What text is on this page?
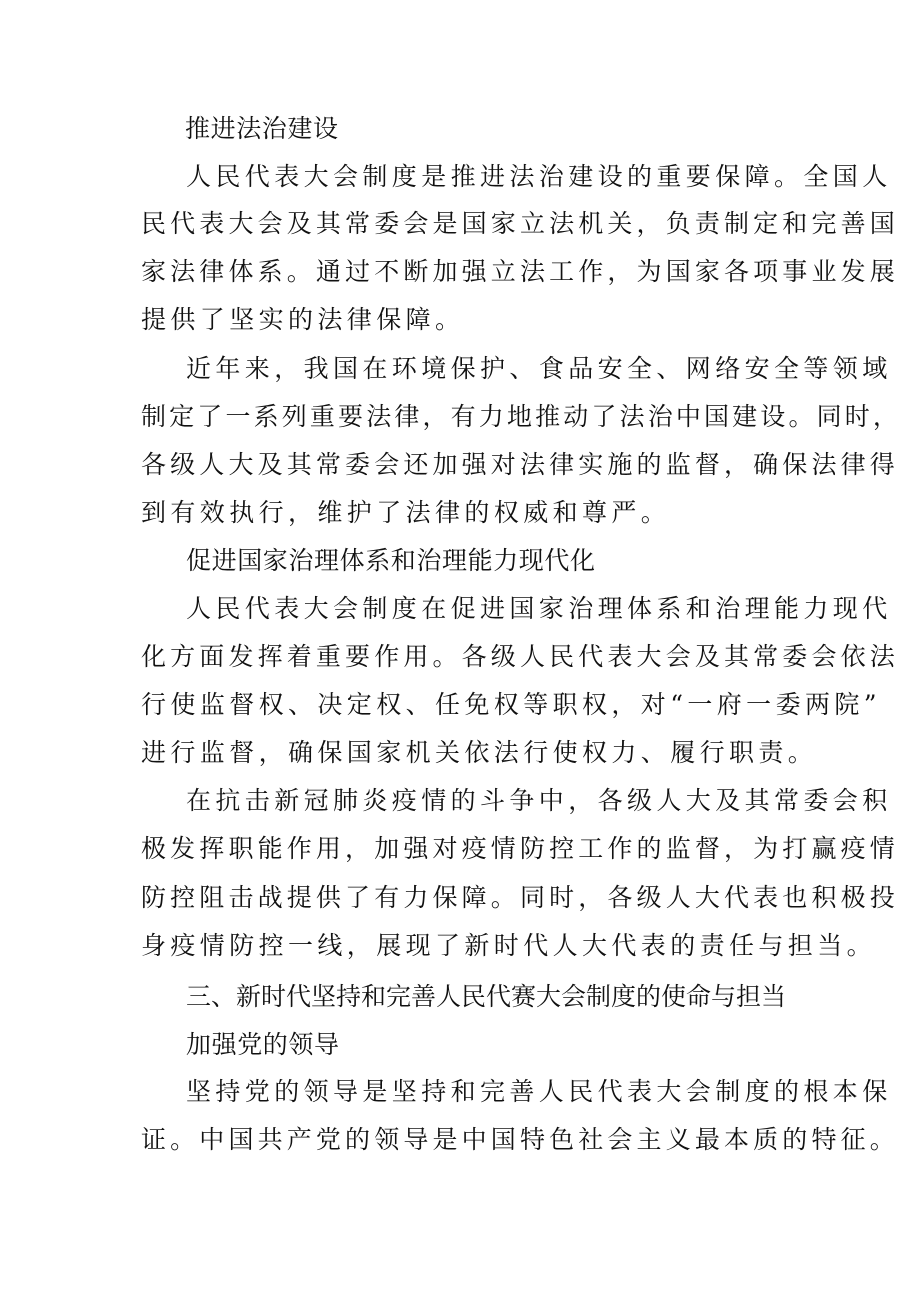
推进法治建设

人民代表大会制度是推进法治建设的重要保障。全国人

民代表大会及其常委会是国家立法机关，负责制定和完善国

家法律体系。通过不断加强立法工作，为国家各项事业发展

提供了坚实的法律保障。

近年来，我国在环境保护、食品安全、网络安全等领域

制定了一系列重要法律，有力地推动了法治中国建设。同时，

各级人大及其常委会还加强对法律实施的监督，确保法律得

到有效执行，维护了法律的权威和尊严。

促进国家治理体系和治理能力现代化

人民代表大会制度在促进国家治理体系和治理能力现代

化方面发挥着重要作用。各级人民代表大会及其常委会依法

行使监督权、决定权、任免权等职权，对“一府一委两院”

进行监督，确保国家机关依法行使权力、履行职责。

在抗击新冠肺炎疫情的斗争中，各级人大及其常委会积

极发挥职能作用，加强对疫情防控工作的监督，为打赢疫情

防控阻击战提供了有力保障。同时，各级人大代表也积极投

身疫情防控一线，展现了新时代人大代表的责任与担当。

三、新时代坚持和完善人民代赛大会制度的使命与担当

加强党的领导

坚持党的领导是坚持和完善人民代表大会制度的根本保

证。中国共产党的领导是中国特色社会主义最本质的特征。
